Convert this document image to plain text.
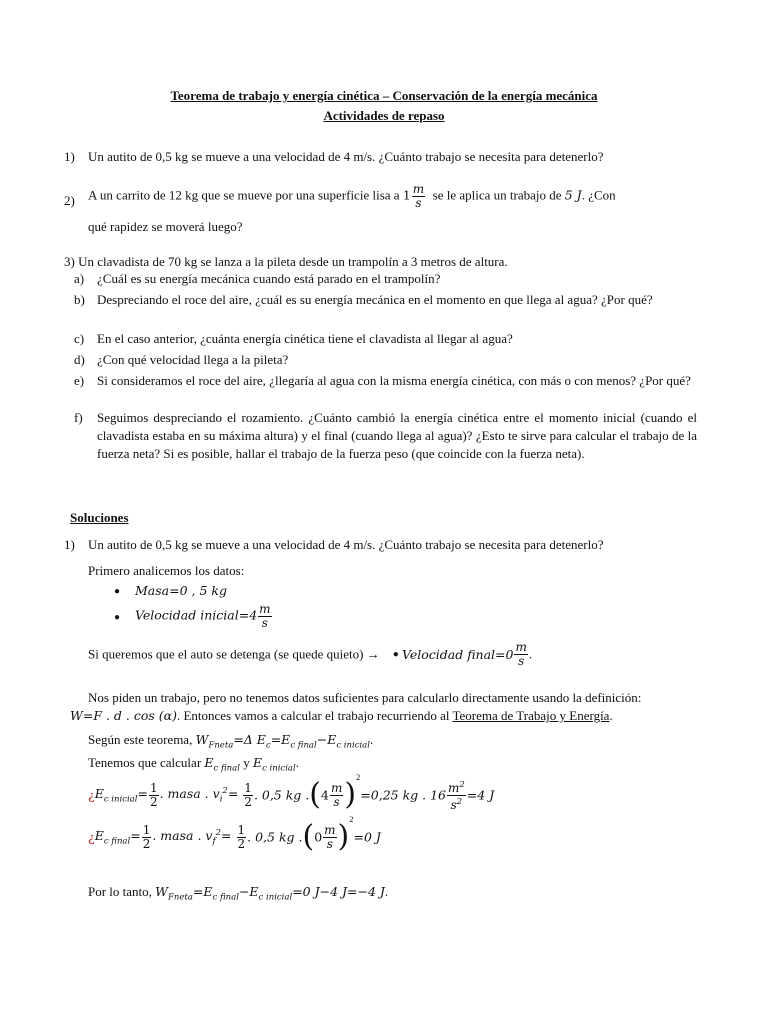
Teorema de trabajo y energía cinética – Conservación de la energía mecánica
Actividades de repaso
1) Un autito de 0,5 kg se mueve a una velocidad de 4 m/s. ¿Cuánto trabajo se necesita para detenerlo?
2) A un carrito de 12 kg que se mueve por una superficie lisa a $1 \frac{m}{s}$ se le aplica un trabajo de 5 J. ¿Con
qué rapidez se moverá luego?
3) Un clavadista de 70 kg se lanza a la pileta desde un trampolín a 3 metros de altura.
a) ¿Cuál es su energía mecánica cuando está parado en el trampolín?
b) Despreciando el roce del aire, ¿cuál es su energía mecánica en el momento en que llega al agua? ¿Por qué?
c) En el caso anterior, ¿cuánta energía cinética tiene el clavadista al llegar al agua?
d) ¿Con qué velocidad llega a la pileta?
e) Si consideramos el roce del aire, ¿llegaría al agua con la misma energía cinética, con más o con menos? ¿Por qué?
f) Seguimos despreciando el rozamiento. ¿Cuánto cambió la energía cinética entre el momento inicial (cuando el clavadista estaba en su máxima altura) y el final (cuando llega al agua)? ¿Esto te sirve para calcular el trabajo de la fuerza neta? Si es posible, hallar el trabajo de la fuerza peso (que coincide con la fuerza neta).
Soluciones
1) Un autito de 0,5 kg se mueve a una velocidad de 4 m/s. ¿Cuánto trabajo se necesita para detenerlo?
Primero analicemos los datos:
● Masa=0 , 5 kg
● Velocidad inicial=4 $\frac{m}{s}$
Si queremos que el auto se detenga (se quede quieto) → ● Velocidad final=0 $\frac{m}{s}$ .
Nos piden un trabajo, pero no tenemos datos suficientes para calcularlo directamente usando la definición:
W=F . d . cos (α). Entonces vamos a calcular el trabajo recurriendo al Teorema de Trabajo y Energía.
Según este teorema, $W_{Fneta}=\Delta$ $E_c=E_{c final}-E_{c inicial}$.
Tenemos que calcular $E_{c final}$ y $E_{c inicial}$.
¿$E_{c inicial}= \frac{1}{2}$ . masa . $v_i^2= \frac{1}{2}$ . 0,5 kg $.(4 \frac{m}{s} )^2=0,25$ kg . $16 \frac{m^2}{s^2} =4$ J
¿$E_{c final}= \frac{1}{2}$ . masa . $v_f^2= \frac{1}{2}$ . 0,5 kg $.(0 \frac{m}{s} )^2=0$ J
Por lo tanto, $W_{Fneta}=E_{c final}-E_{c inicial}=0$ J−4 J=−4 J.
